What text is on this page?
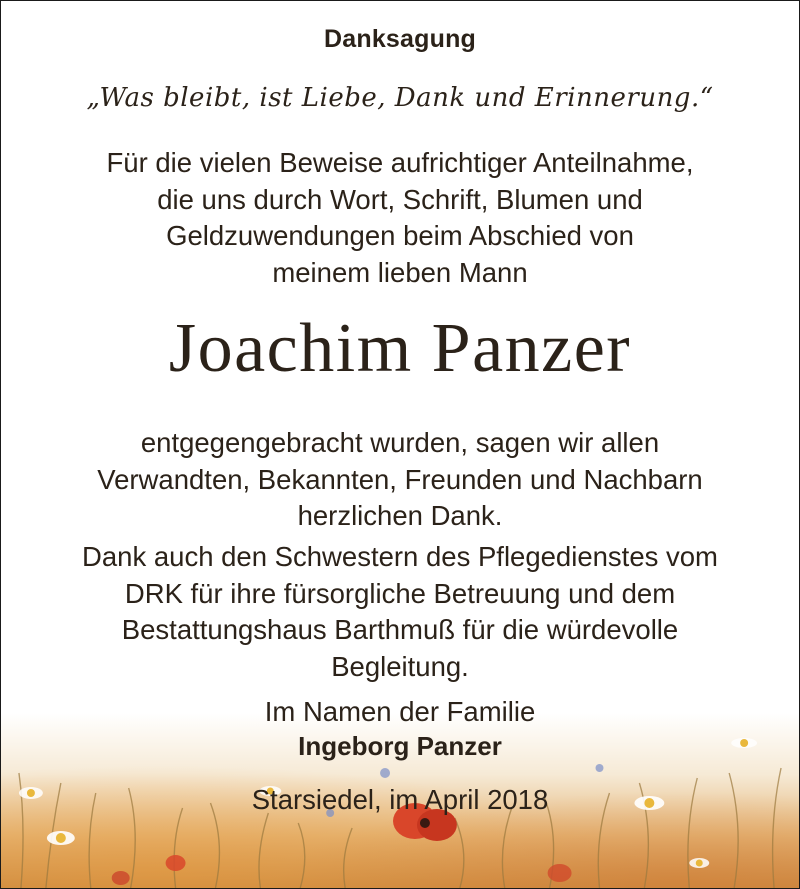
Danksagung
„Was bleibt, ist Liebe, Dank und Erinnerung.“
Für die vielen Beweise aufrichtiger Anteilnahme,
die uns durch Wort, Schrift, Blumen und
Geldzuwendungen beim Abschied von
meinem lieben Mann
Joachim Panzer
entgegengebracht wurden, sagen wir allen
Verwandten, Bekannten, Freunden und Nachbarn
herzlichen Dank.
Dank auch den Schwestern des Pflegedienstes vom
DRK für ihre fürsorgliche Betreuung und dem
Bestattungshaus Barthmuß für die würdevolle
Begleitung.
Im Namen der Familie
Ingeborg Panzer
Starsiedel, im April 2018
